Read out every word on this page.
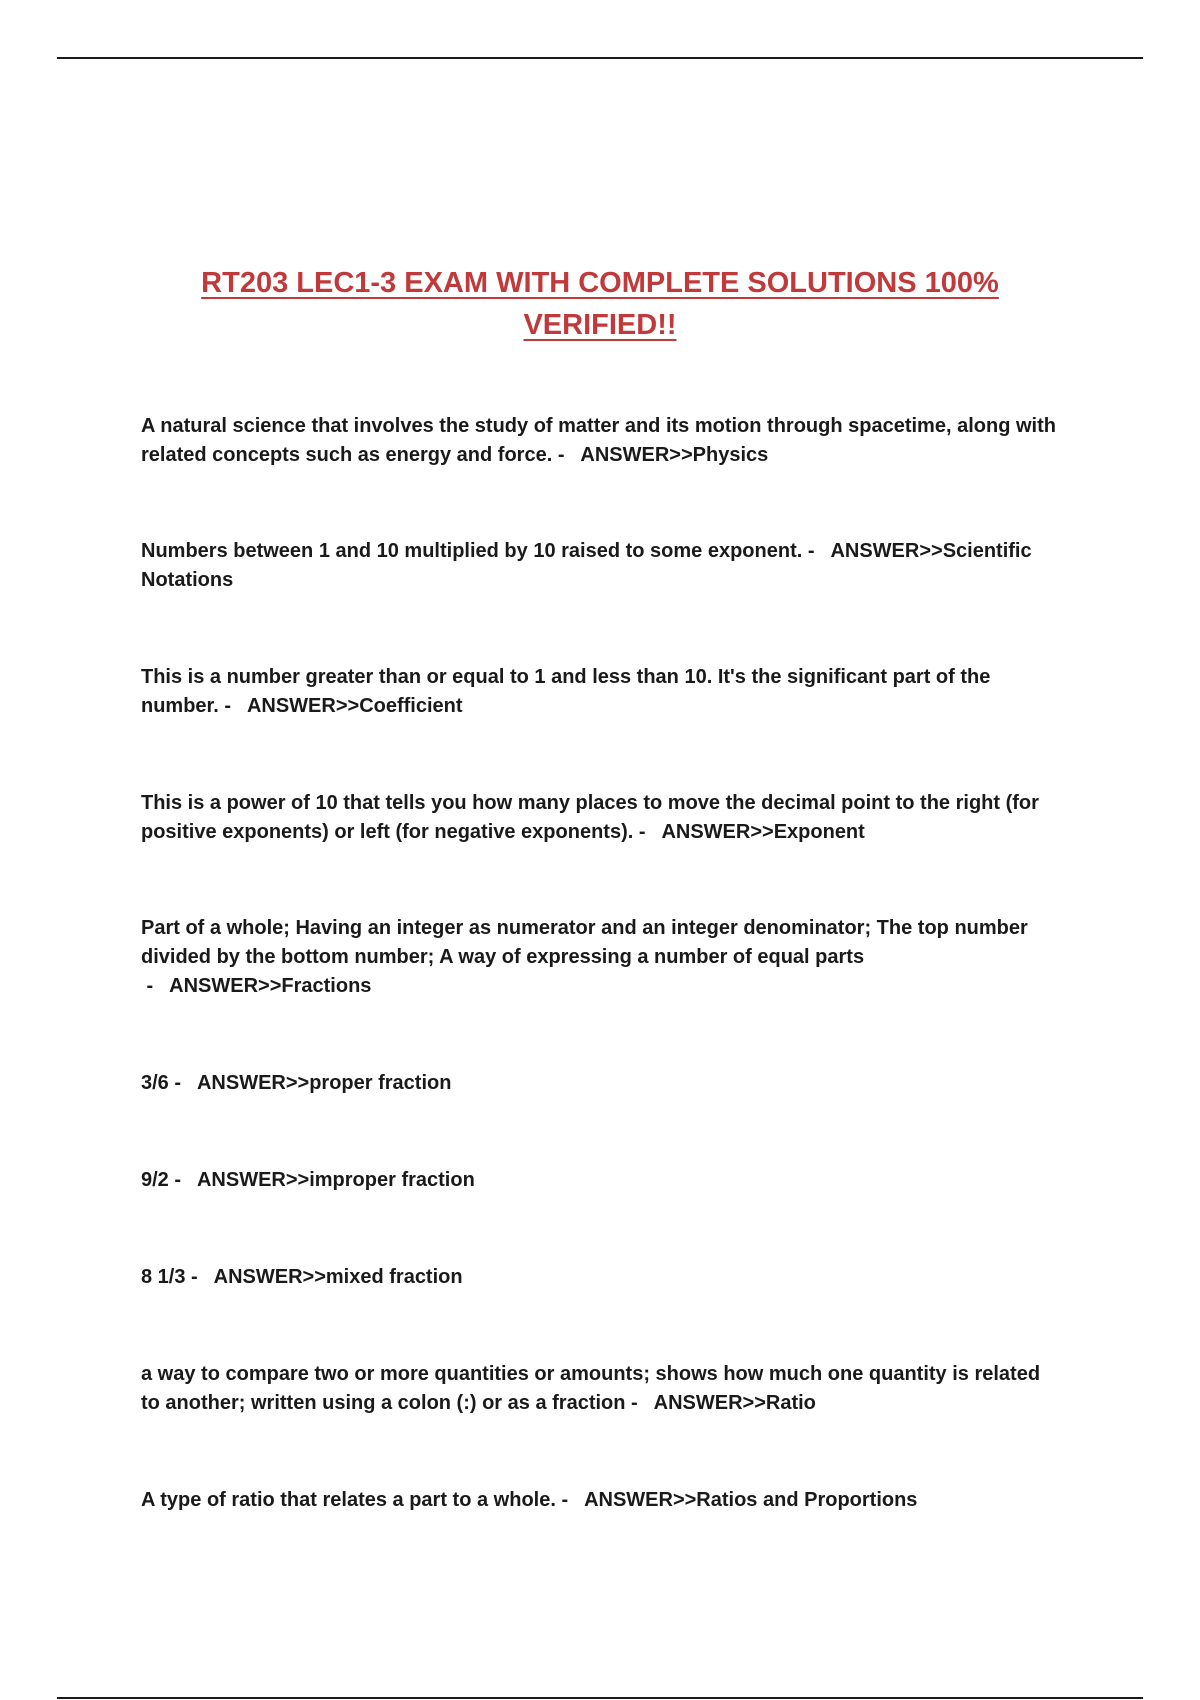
RT203 LEC1-3 EXAM WITH COMPLETE SOLUTIONS 100% VERIFIED!!
A natural science that involves the study of matter and its motion through spacetime, along with related concepts such as energy and force. -   ANSWER>>Physics
Numbers between 1 and 10 multiplied by 10 raised to some exponent. -   ANSWER>>Scientific Notations
This is a number greater than or equal to 1 and less than 10. It's the significant part of the number. -   ANSWER>>Coefficient
This is a power of 10 that tells you how many places to move the decimal point to the right (for positive exponents) or left (for negative exponents). -   ANSWER>>Exponent
Part of a whole; Having an integer as numerator and an integer denominator; The top number divided by the bottom number; A way of expressing a number of equal parts -   ANSWER>>Fractions
3/6 -   ANSWER>>proper fraction
9/2 -   ANSWER>>improper fraction
8 1/3 -   ANSWER>>mixed fraction
a way to compare two or more quantities or amounts; shows how much one quantity is related to another; written using a colon (:) or as a fraction -   ANSWER>>Ratio
A type of ratio that relates a part to a whole. -   ANSWER>>Ratios and Proportions
